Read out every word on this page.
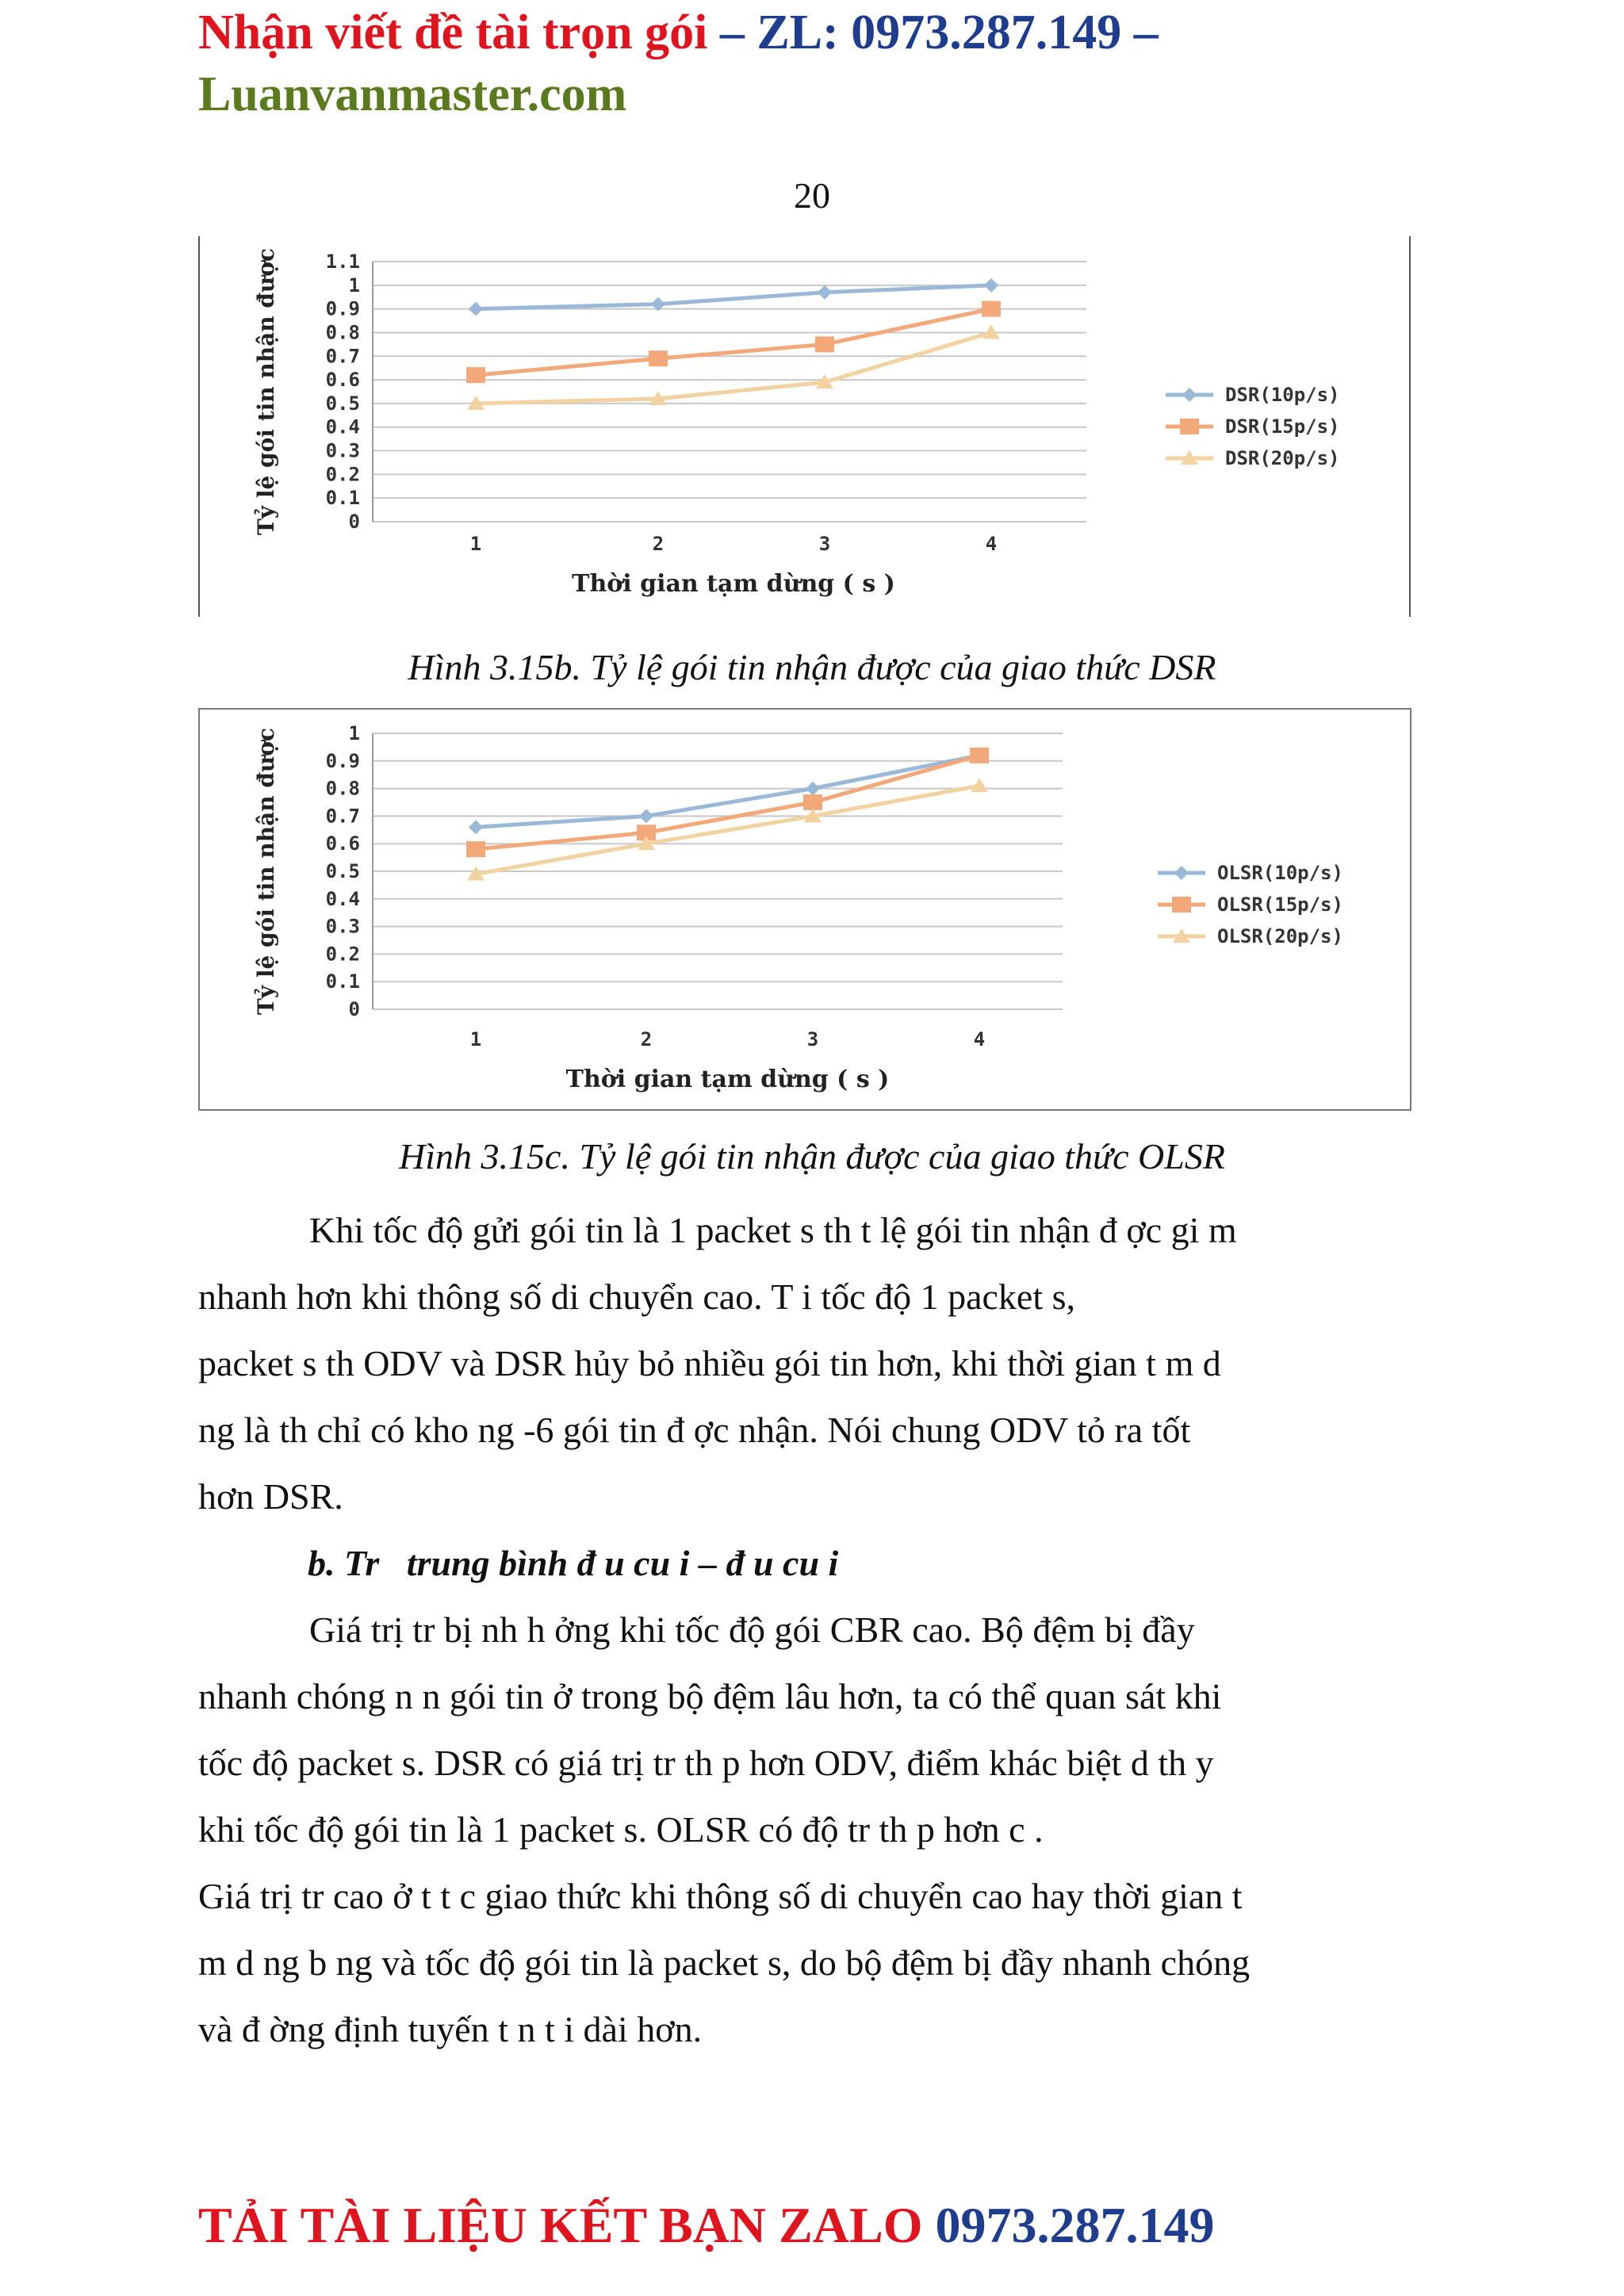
Nhận viết đề tài trọn gói – ZL: 0973.287.149 –
Luanvanmaster.com
20
0
0.1
0.2
0.3
0.4
0.5
0.6
0.7
0.8
0.9
1
1.1
1	2	3	4
Thời gian tạm dừng ( s )
Tỷ lệ gói tin nhận được	DSR(10p/s)
DSR(15p/s)
DSR(20p/s)
Hình 3.15b. Tỷ lệ gói tin nhận được của giao thức DSR
0
0.1
0.2
0.3
0.4
0.5
0.6
0.7
0.8
0.9
1
1	2	3	4
Thời gian tạm dừng ( s )
Tỷ lệ gói tin nhận được	OLSR(10p/s)
OLSR(15p/s)
OLSR(20p/s)
Hình 3.15c. Tỷ lệ gói tin nhận được của giao thức OLSR
Khi tốc độ gửi gói tin là 1 packet s th t lệ gói tin nhận đ ợc gi m
nhanh hơn khi thông số di chuyển cao. T i tốc độ 1 packet s,
packet s th ODV và DSR hủy bỏ nhiều gói tin hơn, khi thời gian t m d
ng là th chỉ có kho ng -6 gói tin đ ợc nhận. Nói chung ODV tỏ ra tốt
hơn DSR.
b. Tr   trung bình đ u cu i – đ u cu i
Giá trị tr bị nh h ởng khi tốc độ gói CBR cao. Bộ đệm bị đầy
nhanh chóng n n gói tin ở trong bộ đệm lâu hơn, ta có thể quan sát khi
tốc độ packet s. DSR có giá trị tr th p hơn ODV, điểm khác biệt d th y
khi tốc độ gói tin là 1 packet s. OLSR có độ tr th p hơn c .
Giá trị tr cao ở t t c giao thức khi thông số di chuyển cao hay thời gian t
m d ng b ng và tốc độ gói tin là packet s, do bộ đệm bị đầy nhanh chóng
và đ ờng định tuyến t n t i dài hơn.
TẢI TÀI LIỆU KẾT BẠN ZALO 0973.287.149
